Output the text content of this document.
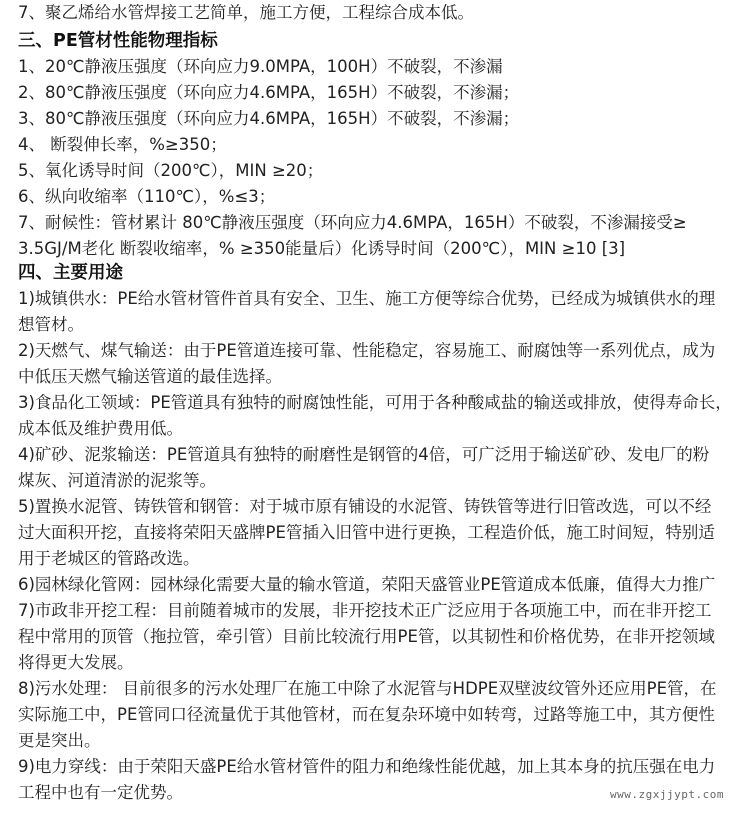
7、聚乙烯给水管焊接工艺简单，施工方便，工程综合成本低。
三、PE管材性能物理指标
1、20℃静液压强度（环向应力9.0MPA，100H）不破裂，不渗漏
2、80℃静液压强度（环向应力4.6MPA，165H）不破裂，不渗漏；
3、80℃静液压强度（环向应力4.6MPA，165H）不破裂，不渗漏；
4、 断裂伸长率，%≥350；
5、氧化诱导时间（200℃），MIN ≥20；
6、纵向收缩率（110℃），%≤3；
7、耐候性：管材累计 80℃静液压强度（环向应力4.6MPA，165H）不破裂，不渗漏接受≥
3.5GJ/M老化 断裂收缩率，% ≥350能量后）化诱导时间（200℃），MIN ≥10 [3]
四、主要用途
1)城镇供水：PE给水管材管件首具有安全、卫生、施工方便等综合优势，已经成为城镇供水的理
想管材。
2)天燃气、煤气输送：由于PE管道连接可靠、性能稳定，容易施工、耐腐蚀等一系列优点，成为
中低压天燃气输送管道的最佳选择。
3)食品化工领域：PE管道具有独特的耐腐蚀性能，可用于各种酸咸盐的输送或排放，使得寿命长，
成本低及维护费用低。
4)矿砂、泥浆输送：PE管道具有独特的耐磨性是钢管的4倍，可广泛用于输送矿砂、发电厂的粉
煤灰、河道清淤的泥浆等。
5)置换水泥管、铸铁管和钢管：对于城市原有铺设的水泥管、铸铁管等进行旧管改选，可以不经
过大面积开挖，直接将荣阳天盛牌PE管插入旧管中进行更换，工程造价低，施工时间短，特别适
用于老城区的管路改选。
6)园林绿化管网：园林绿化需要大量的输水管道，荣阳天盛管业PE管道成本低廉，值得大力推广
7)市政非开挖工程：目前随着城市的发展，非开挖技术正广泛应用于各项施工中，而在非开挖工
程中常用的顶管（拖拉管，牵引管）目前比较流行用PE管，以其韧性和价格优势，在非开挖领域
将得更大发展。
8)污水处理： 目前很多的污水处理厂在施工中除了水泥管与HDPE双壁波纹管外还应用PE管，在
实际施工中，PE管同口径流量优于其他管材，而在复杂环境中如转弯，过路等施工中，其方便性
更是突出。
9)电力穿线：由于荣阳天盛PE给水管材管件的阻力和绝缘性能优越，加上其本身的抗压强在电力
工程中也有一定优势。	www.zgxjjypt.com
